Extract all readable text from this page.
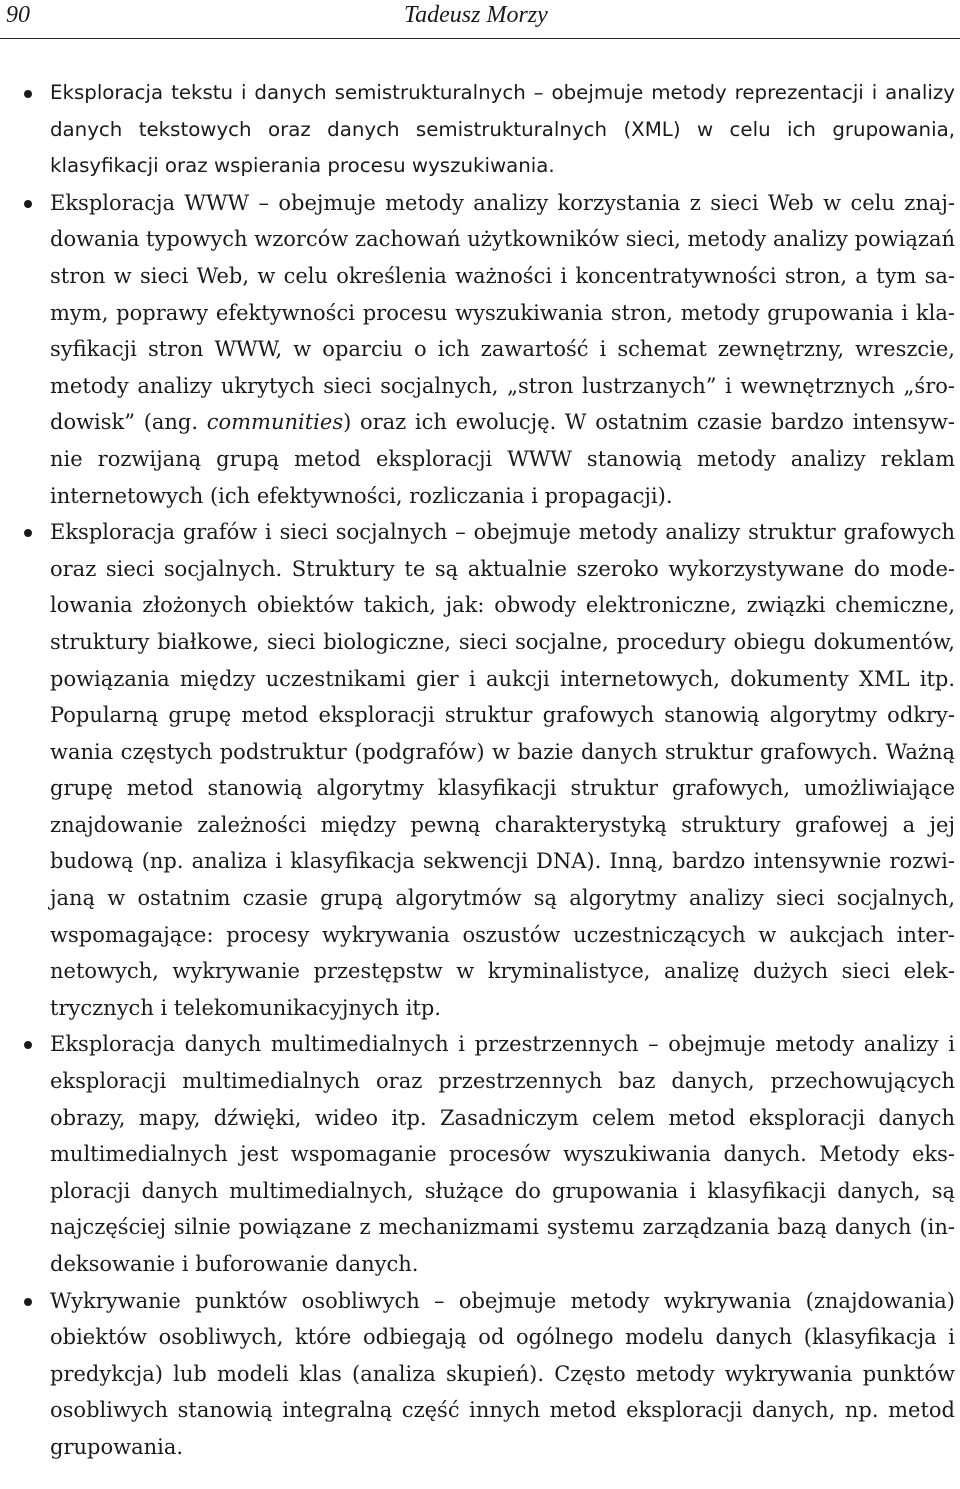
90	Tadeusz Morzy
Eksploracja tekstu i danych semistrukturalnych – obejmuje metody reprezentacji i analizy danych tekstowych oraz danych semistrukturalnych (XML) w celu ich grupowania, klasyfikacji oraz wspierania procesu wyszukiwania.
Eksploracja WWW – obejmuje metody analizy korzystania z sieci Web w celu znajdowania typowych wzorców zachowań użytkowników sieci, metody analizy powiązań stron w sieci Web, w celu określenia ważności i koncentratywności stron, a tym samym, poprawy efektywności procesu wyszukiwania stron, metody grupowania i klasyfikacji stron WWW, w oparciu o ich zawartość i schemat zewnętrzny, wreszcie, metody analizy ukrytych sieci socjalnych, „stron lustrzanych” i wewnętrznych „środowisk” (ang. communities) oraz ich ewolucję. W ostatnim czasie bardzo intensywnie rozwijaną grupą metod eksploracji WWW stanowią metody analizy reklam internetowych (ich efektywności, rozliczania i propagacji).
Eksploracja grafów i sieci socjalnych – obejmuje metody analizy struktur grafowych oraz sieci socjalnych. Struktury te są aktualnie szeroko wykorzystywane do modelowania złożonych obiektów takich, jak: obwody elektroniczne, związki chemiczne, struktury białkowe, sieci biologiczne, sieci socjalne, procedury obiegu dokumentów, powiązania między uczestnikami gier i aukcji internetowych, dokumenty XML itp. Popularną grupę metod eksploracji struktur grafowych stanowią algorytmy odkrywania częstych podstruktur (podgrafów) w bazie danych struktur grafowych. Ważną grupę metod stanowią algorytmy klasyfikacji struktur grafowych, umożliwiające znajdowanie zależności między pewną charakterystyką struktury grafowej a jej budową (np. analiza i klasyfikacja sekwencji DNA). Inną, bardzo intensywnie rozwijaną w ostatnim czasie grupą algorytmów są algorytmy analizy sieci socjalnych, wspomagające: procesy wykrywania oszustów uczestniczących w aukcjach internetowych, wykrywanie przestępstw w kryminalistyce, analizę dużych sieci elektrycznych i telekomunikacyjnych itp.
Eksploracja danych multimedialnych i przestrzennych – obejmuje metody analizy i eksploracji multimedialnych oraz przestrzennych baz danych, przechowujących obrazy, mapy, dźwięki, wideo itp. Zasadniczym celem metod eksploracji danych multimedialnych jest wspomaganie procesów wyszukiwania danych. Metody eksploracji danych multimedialnych, służące do grupowania i klasyfikacji danych, są najczęściej silnie powiązane z mechanizmami systemu zarządzania bazą danych (indeksowanie i buforowanie danych.
Wykrywanie punktów osobliwych – obejmuje metody wykrywania (znajdowania) obiektów osobliwych, które odbiegają od ogólnego modelu danych (klasyfikacja i predykcja) lub modeli klas (analiza skupień). Często metody wykrywania punktów osobliwych stanowią integralną część innych metod eksploracji danych, np. metod grupowania.
